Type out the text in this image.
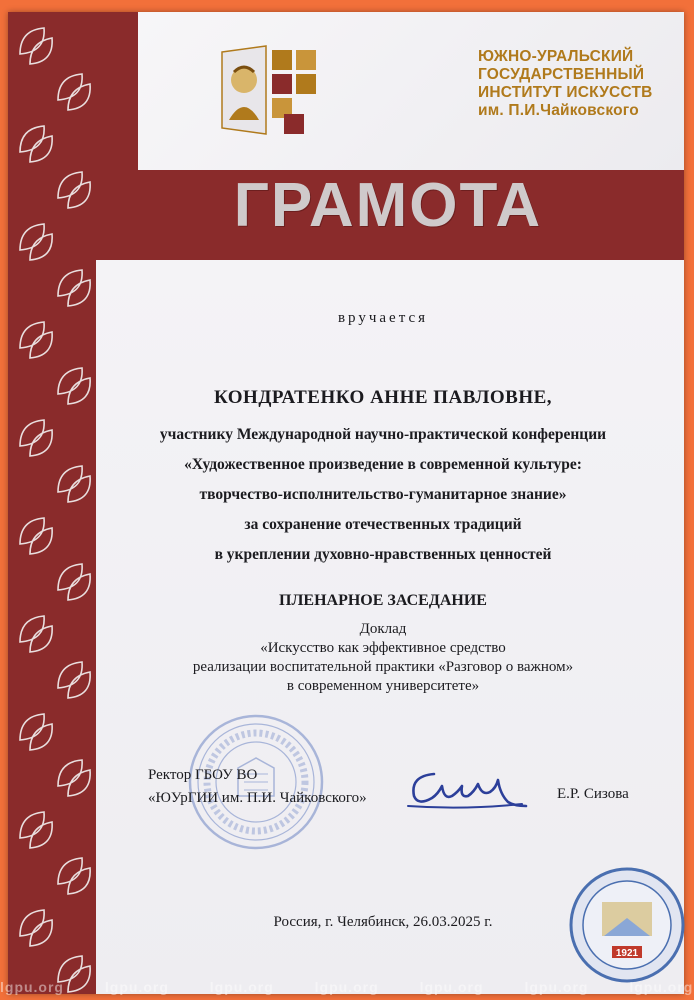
ЮЖНО-УРАЛЬСКИЙ
ГОСУДАРСТВЕННЫЙ
ИНСТИТУТ ИСКУССТВ
им. П.И.Чайковского
ГРАМОТА
вручается
КОНДРАТЕНКО АННЕ ПАВЛОВНЕ,
участнику Международной научно-практической конференции
«Художественное произведение в современной культуре:
творчество-исполнительство-гуманитарное знание»
за сохранение отечественных традиций
в укреплении духовно-нравственных ценностей
ПЛЕНАРНОЕ ЗАСЕДАНИЕ
Доклад
«Искусство как эффективное средство
реализации воспитательной практики «Разговор о важном»
в современном университете»
Ректор ГБОУ ВО
«ЮУрГИИ им. П.И. Чайковского»	Е.Р. Сизова
Россия, г. Челябинск, 26.03.2025 г.
1921
lgpu.org	lgpu.org	lgpu.org	lgpu.org	lgpu.org	lgpu.org	lgpu.org
